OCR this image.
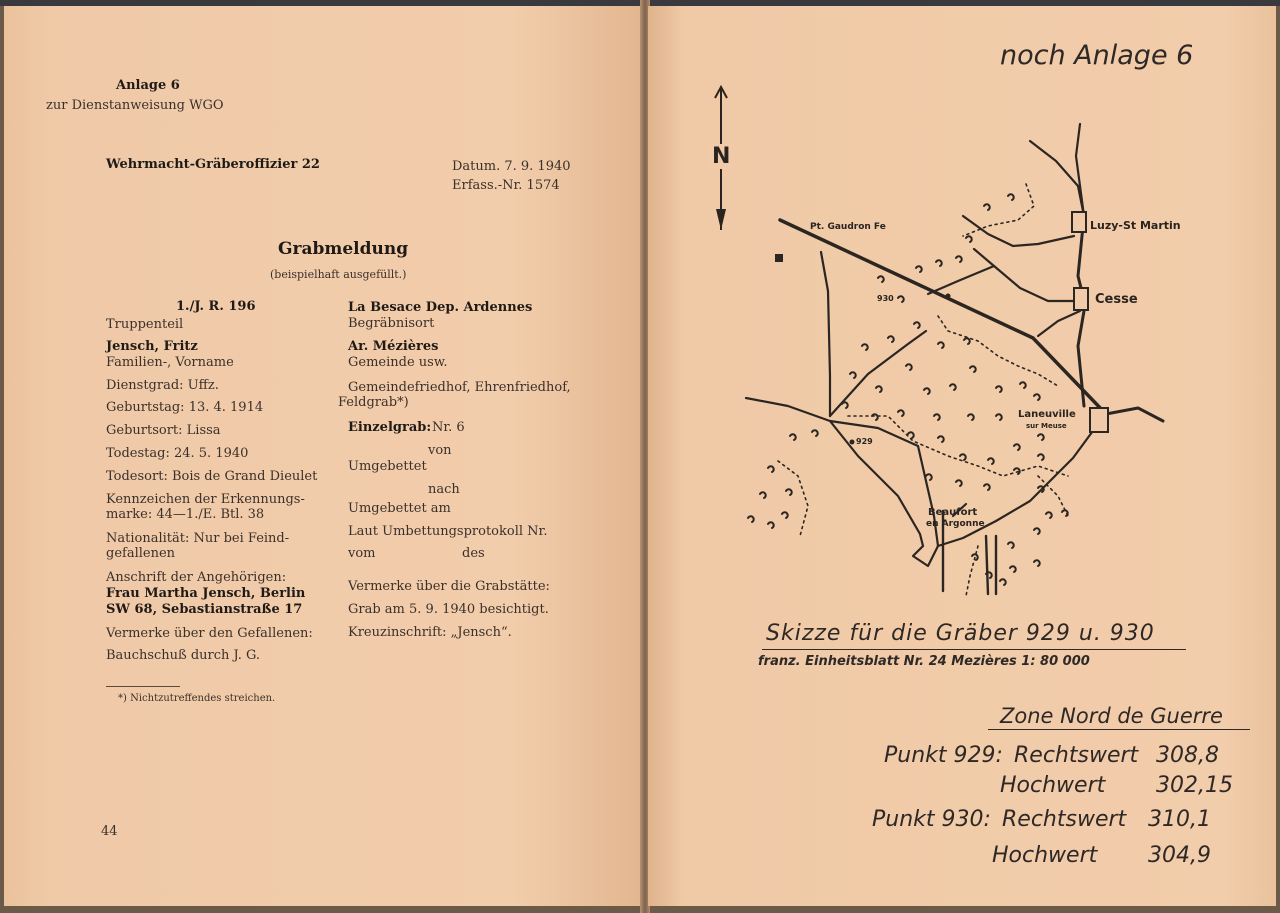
Anlage 6
zur Dienstanweisung WGO
Wehrmacht-Gräberoffizier 22	Datum. 7. 9. 1940
Erfass.-Nr. 1574
Grabmeldung
(beispielhaft ausgefüllt.)
1./J. R. 196
Truppenteil
Jensch, Fritz
Familien-, Vorname
Dienstgrad: Uffz.
Geburtstag: 13. 4. 1914
Geburtsort: Lissa
Todestag: 24. 5. 1940
Todesort: Bois de Grand Dieulet
Kennzeichen der Erkennungs-
marke: 44—1./E. Btl. 38
Nationalität: Nur bei Feind-
gefallenen
Anschrift der Angehörigen:
Frau Martha Jensch, Berlin
SW 68, Sebastianstraße 17
Vermerke über den Gefallenen:
Bauchschuß durch J. G.
La Besace Dep. Ardennes
Begräbnisort
Ar. Mézières
Gemeinde usw.
Gemeindefriedhof, Ehrenfriedhof,
Feldgrab*)
Einzelgrab: Nr. 6
von
Umgebettet
nach
Umgebettet am
Laut Umbettungsprotokoll Nr.
vom	des
Vermerke über die Grabstätte:
Grab am 5. 9. 1940 besichtigt.
Kreuzinschrift: „Jensch“.
*) Nichtzutreffendes streichen.
44
noch Anlage 6
N
Pt. Gaudron Fe	Luzy-St Martin
Cesse
930
929
Laneuville
sur Meuse
Beaufort
en Argonne
Skizze für die Gräber 929 u. 930
franz. Einheitsblatt Nr. 24 Mezières 1: 80 000
Zone Nord de Guerre
Punkt 929: Rechtswert 308,8
Hochwert 302,15
Punkt 930: Rechtswert 310,1
Hochwert 304,9
